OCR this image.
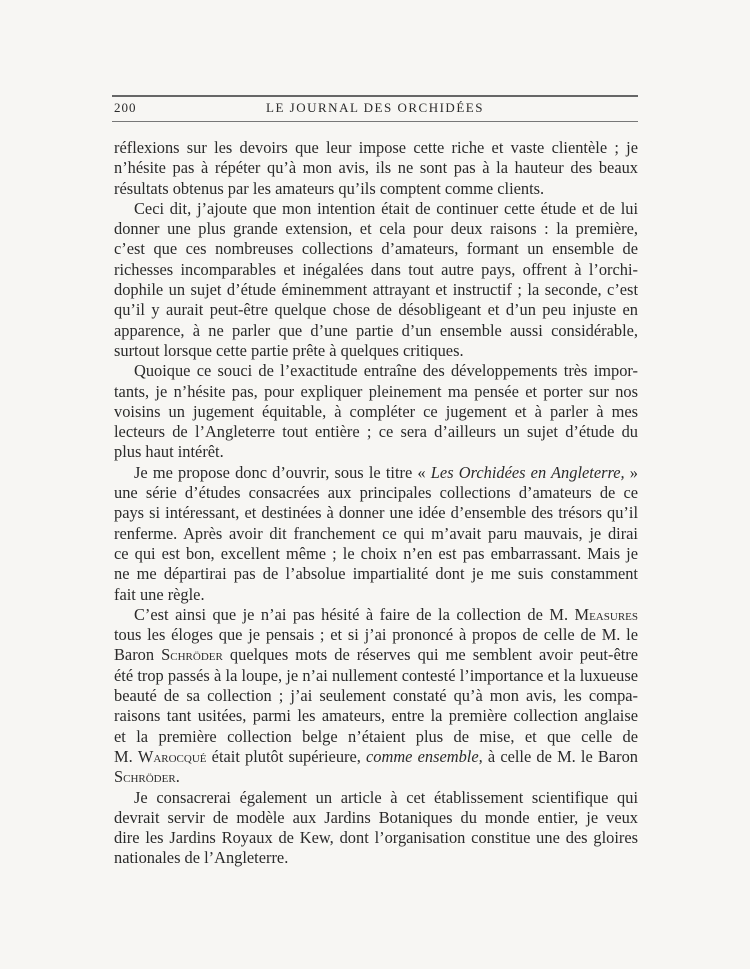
200	LE JOURNAL DES ORCHIDÉES
réflexions sur les devoirs que leur impose cette riche et vaste clientèle ; je
n’hésite pas à répéter qu’à mon avis, ils ne sont pas à la hauteur des beaux
résultats obtenus par les amateurs qu’ils comptent comme clients.
Ceci dit, j’ajoute que mon intention était de continuer cette étude et de lui
donner une plus grande extension, et cela pour deux raisons : la première,
c’est que ces nombreuses collections d’amateurs, formant un ensemble de
richesses incomparables et inégalées dans tout autre pays, offrent à l’orchi-
dophile un sujet d’étude éminemment attrayant et instructif ; la seconde, c’est
qu’il y aurait peut-être quelque chose de désobligeant et d’un peu injuste en
apparence, à ne parler que d’une partie d’un ensemble aussi considérable,
surtout lorsque cette partie prête à quelques critiques.
Quoique ce souci de l’exactitude entraîne des développements très impor-
tants, je n’hésite pas, pour expliquer pleinement ma pensée et porter sur nos
voisins un jugement équitable, à compléter ce jugement et à parler à mes
lecteurs de l’Angleterre tout entière ; ce sera d’ailleurs un sujet d’étude du
plus haut intérêt.
Je me propose donc d’ouvrir, sous le titre « Les Orchidées en Angleterre, »
une série d’études consacrées aux principales collections d’amateurs de ce
pays si intéressant, et destinées à donner une idée d’ensemble des trésors qu’il
renferme. Après avoir dit franchement ce qui m’avait paru mauvais, je dirai
ce qui est bon, excellent même ; le choix n’en est pas embarrassant. Mais je
ne me départirai pas de l’absolue impartialité dont je me suis constamment
fait une règle.
C’est ainsi que je n’ai pas hésité à faire de la collection de M. Measures
tous les éloges que je pensais ; et si j’ai prononcé à propos de celle de M. le
Baron Schröder quelques mots de réserves qui me semblent avoir peut-être
été trop passés à la loupe, je n’ai nullement contesté l’importance et la luxueuse
beauté de sa collection ; j’ai seulement constaté qu’à mon avis, les compa-
raisons tant usitées, parmi les amateurs, entre la première collection anglaise
et la première collection belge n’étaient plus de mise, et que celle de
M. Warocqué était plutôt supérieure, comme ensemble, à celle de M. le Baron
Schröder.
Je consacrerai également un article à cet établissement scientifique qui
devrait servir de modèle aux Jardins Botaniques du monde entier, je veux
dire les Jardins Royaux de Kew, dont l’organisation constitue une des gloires
nationales de l’Angleterre.
